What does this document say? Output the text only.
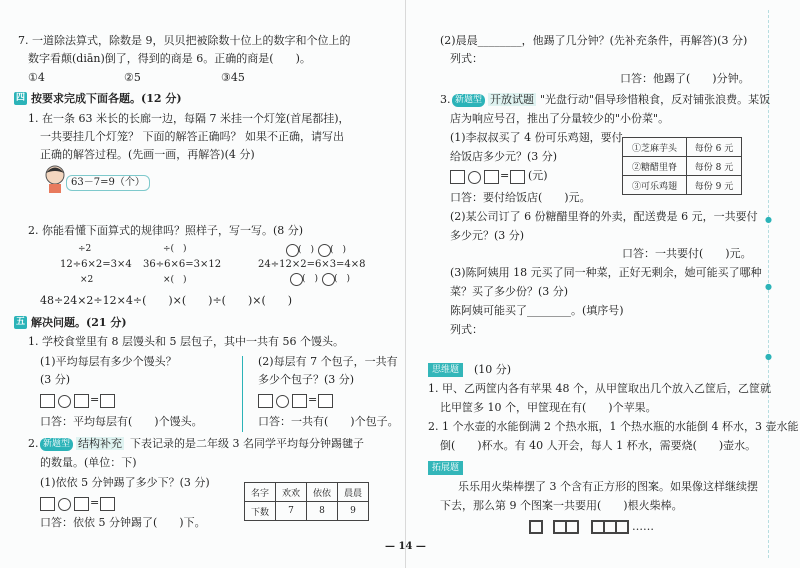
●
●
●
7. 一道除法算式，除数是 9，贝贝把被除数十位上的数字和个位上的
数字看颠(diān)倒了，得到的商是 6。正确的商是(　　)。
①4	②5	③45
四 按要求完成下面各题。(12 分)
1. 在一条 63 米长的长廊一边，每隔 7 米挂一个灯笼(首尾都挂)，
一共要挂几个灯笼？ 下面的解答正确吗？ 如果不正确，请写出
正确的解答过程。(先画一画，再解答)(4 分)
63－7=9（个）
2. 你能看懂下面算式的规律吗？照样子，写一写。(8 分)
÷2
12÷6×2=3×4
×2
÷(　)
36÷6×6=3×12
×(　)
(　) (　)
24÷12×2=6×3=4×8
(　) (　)
48÷24×2÷12×4÷(　　)×(　　)÷(　　)×(　　)
五 解决问题。(21 分)
1. 学校食堂里有 8 层馒头和 5 层包子，其中一共有 56 个馒头。
(1)平均每层有多少个馒头？
(3 分)
=
口答：平均每层有(　　)个馒头。
(2)每层有 7 个包子，一共有
多少个包子？(3 分)
=
口答：一共有(　　)个包子。
2. 新题型 结构补充 下表记录的是二年级 3 名同学平均每分钟踢毽子
的数量。(单位：下)
(1)依依 5 分钟踢了多少下？(3 分)
=
口答：依依 5 分钟踢了(　　)下。
名字	欢欢	依依	晨晨
下数	7	8	9
— 14 —
(2)晨晨________，他踢了几分钟？(先补充条件，再解答)(3 分)
列式：
口答：他踢了(　　)分钟。
3. 新题型 开放试题 "光盘行动"倡导珍惜粮食，反对铺张浪费。某饭
店为响应号召，推出了分量较少的"小份菜"。
(1)李叔叔买了 4 份可乐鸡翅，要付
给饭店多少元？(3 分)
= (元)
口答：要付给饭店(　　)元。
①芝麻芋头	每份 6 元
②糖醋里脊	每份 8 元
③可乐鸡翅	每份 9 元
(2)某公司订了 6 份糖醋里脊的外卖，配送费是 6 元，一共要付
多少元？(3 分)
口答：一共要付(　　)元。
(3)陈阿姨用 18 元买了同一种菜，正好无剩余，她可能买了哪种
菜？买了多少份？(3 分)
陈阿姨可能买了________。(填序号)
列式：
思维题	(10 分)
1. 甲、乙两筐内各有苹果 48 个，从甲筐取出几个放入乙筐后，乙筐就
比甲筐多 10 个，甲筐现在有(　　)个苹果。
2. 1 个水壶的水能倒满 2 个热水瓶，1 个热水瓶的水能倒 4 杯水，3 壶水能
倒(　　)杯水。有 40 人开会，每人 1 杯水，需要烧(　　)壶水。
拓展题
乐乐用火柴棒摆了 3 个含有正方形的图案。如果像这样继续摆
下去，那么第 9 个图案一共要用(　　)根火柴棒。
……
